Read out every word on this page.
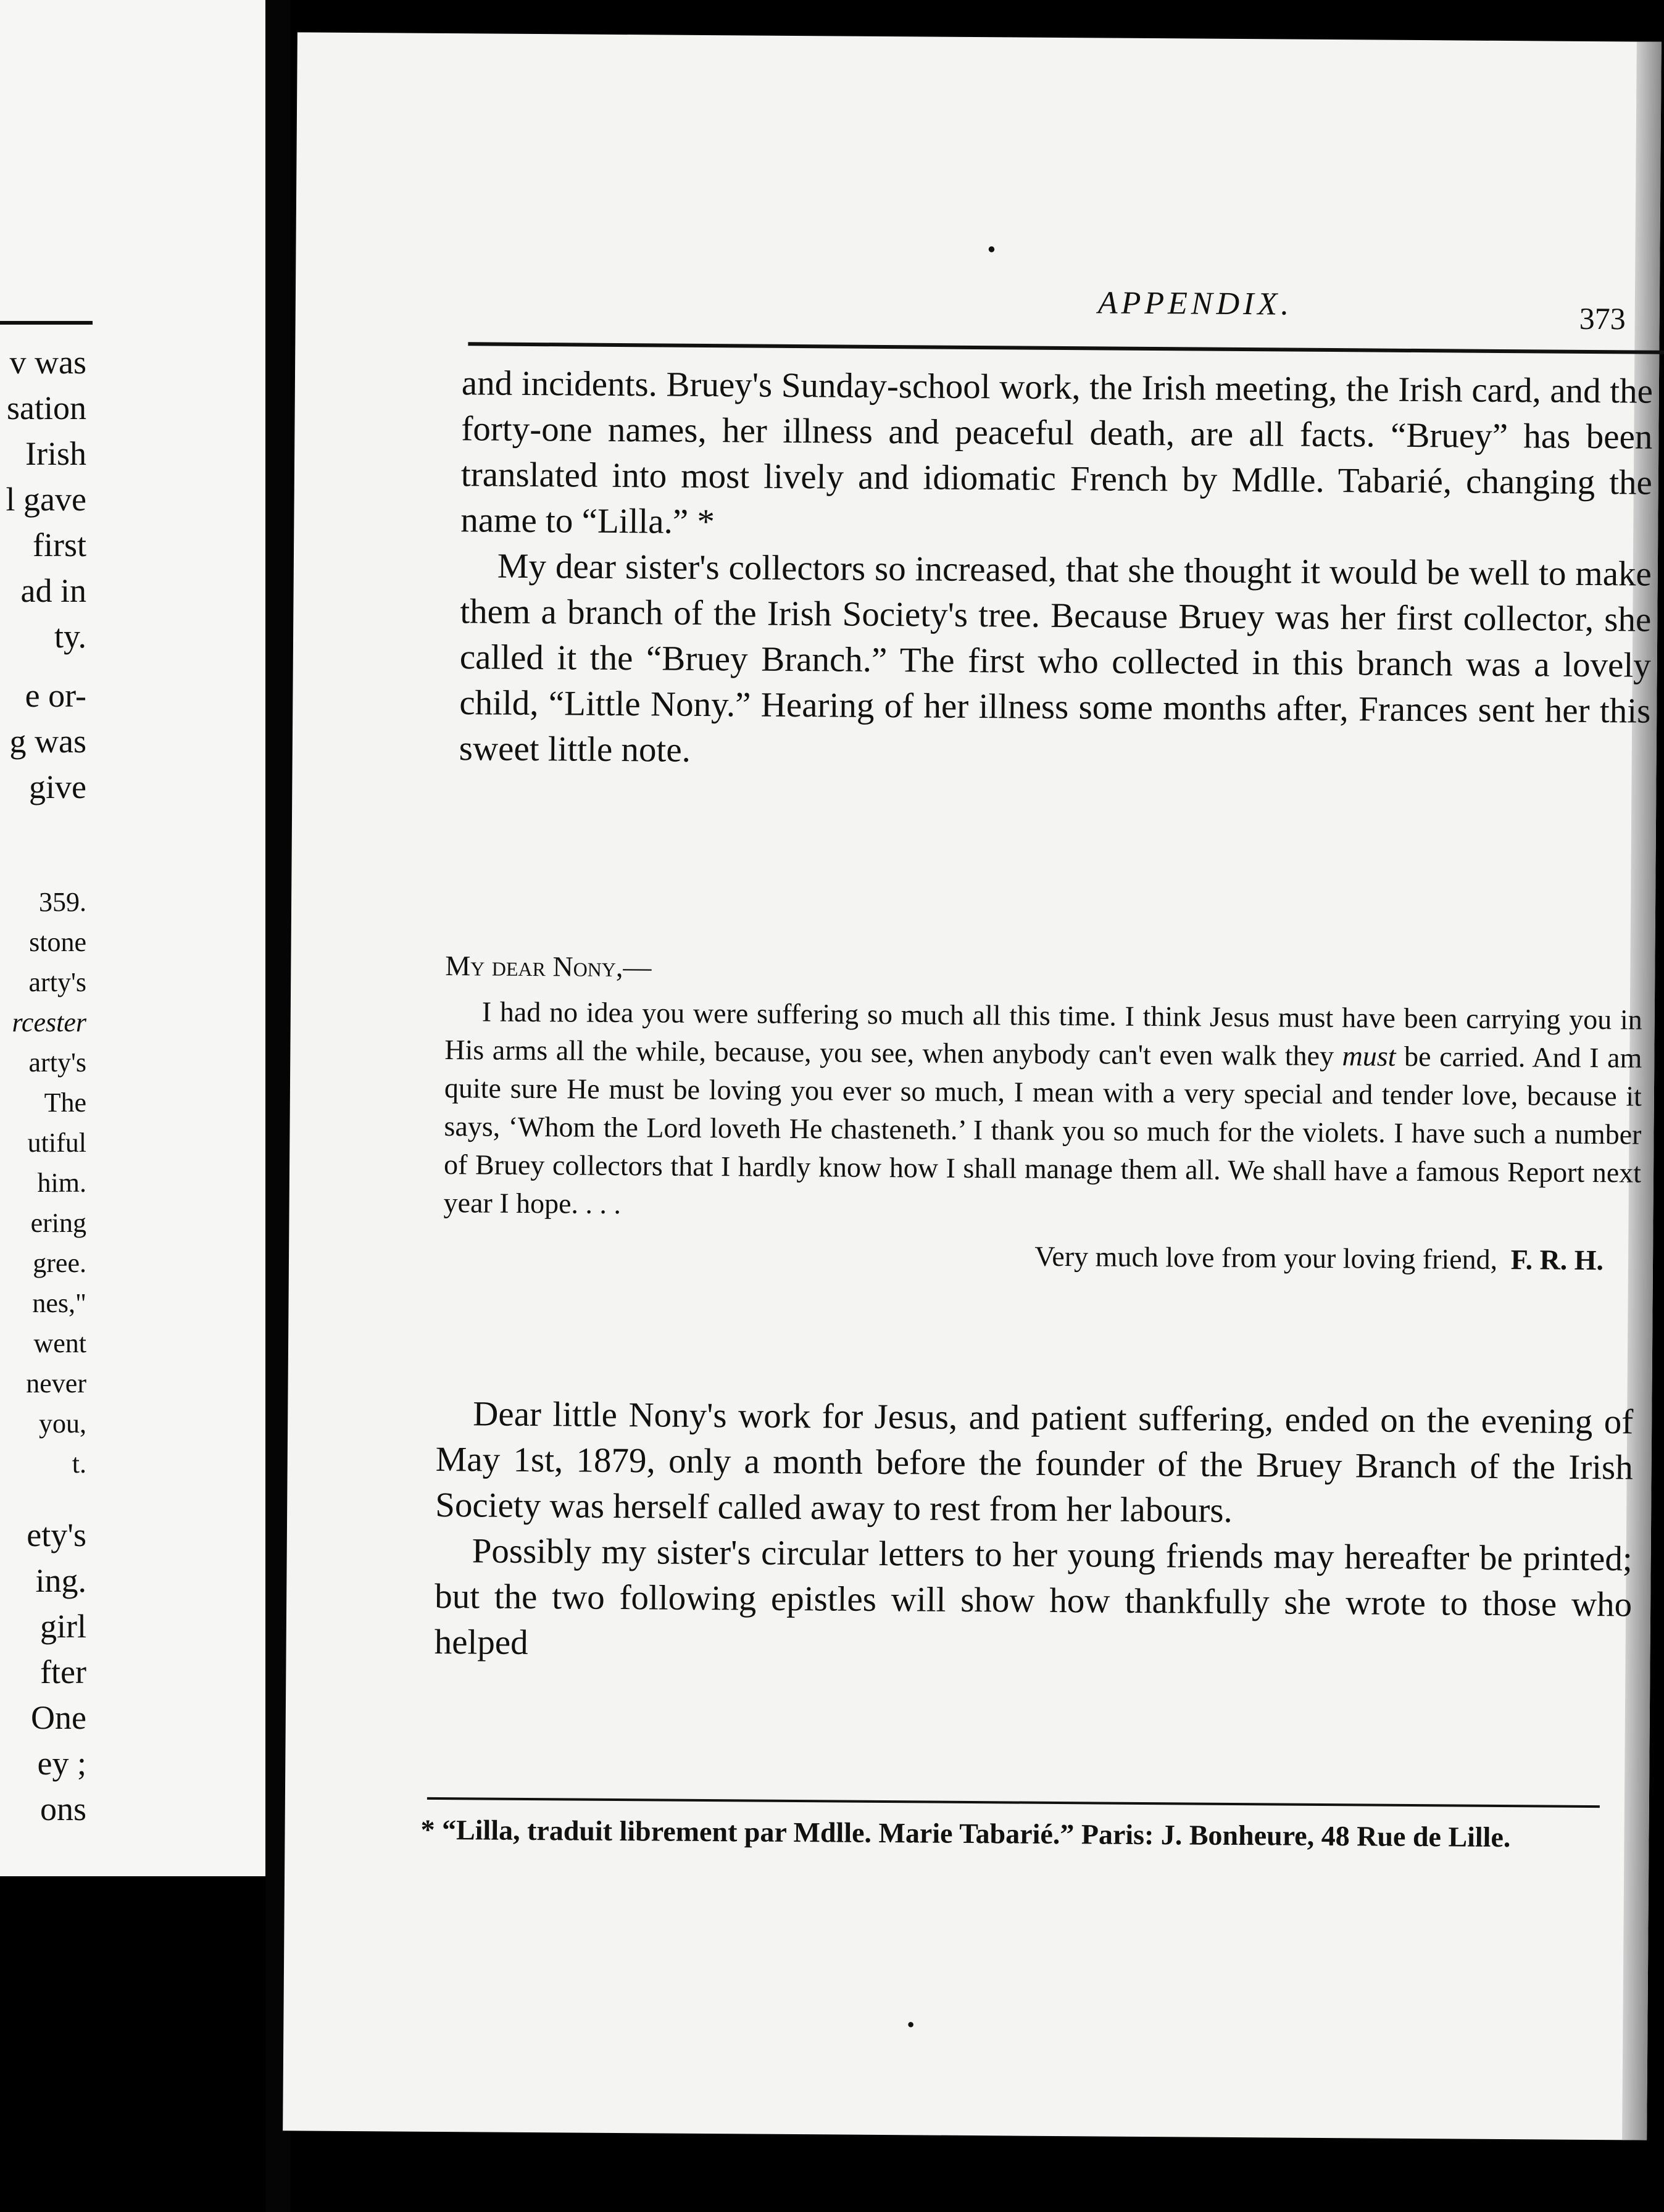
v was
sation
Irish
l gave
first
ad in
ty.
e or-
g was
give
359.
stone
arty's
rcester
arty's
The
utiful
him.
ering
gree.
nes,"
went
never
you,
t.
ety's
ing.
girl
fter
One
ey ;
ons
•
APPENDIX.	373

and incidents. Bruey's Sunday-school work, the Irish meeting, the Irish card, and the forty-one names, her illness and peaceful death, are all facts. “Bruey” has been translated into most lively and idiomatic French by Mdlle. Tabarié, changing the name to “Lilla.” *

My dear sister's collectors so increased, that she thought it would be well to make them a branch of the Irish Society's tree. Because Bruey was her first collector, she called it the “Bruey Branch.” The first who collected in this branch was a lovely child, “Little Nony.” Hearing of her illness some months after, Frances sent her this sweet little note.

My dear Nony,—

I had no idea you were suffering so much all this time. I think Jesus must have been carrying you in His arms all the while, because, you see, when anybody can't even walk they must be carried. And I am quite sure He must be loving you ever so much, I mean with a very special and tender love, because it says, ‘Whom the Lord loveth He chasteneth.’ I thank you so much for the violets. I have such a number of Bruey collectors that I hardly know how I shall manage them all. We shall have a famous Report next year I hope. . . .

Very much love from your loving friend, F. R. H.

Dear little Nony's work for Jesus, and patient suffering, ended on the evening of May 1st, 1879, only a month before the founder of the Bruey Branch of the Irish Society was herself called away to rest from her labours.

Possibly my sister's circular letters to her young friends may hereafter be printed; but the two following epistles will show how thankfully she wrote to those who helped

* “Lilla, traduit librement par Mdlle. Marie Tabarié.” Paris: J. Bonheure, 48 Rue de Lille.
•
